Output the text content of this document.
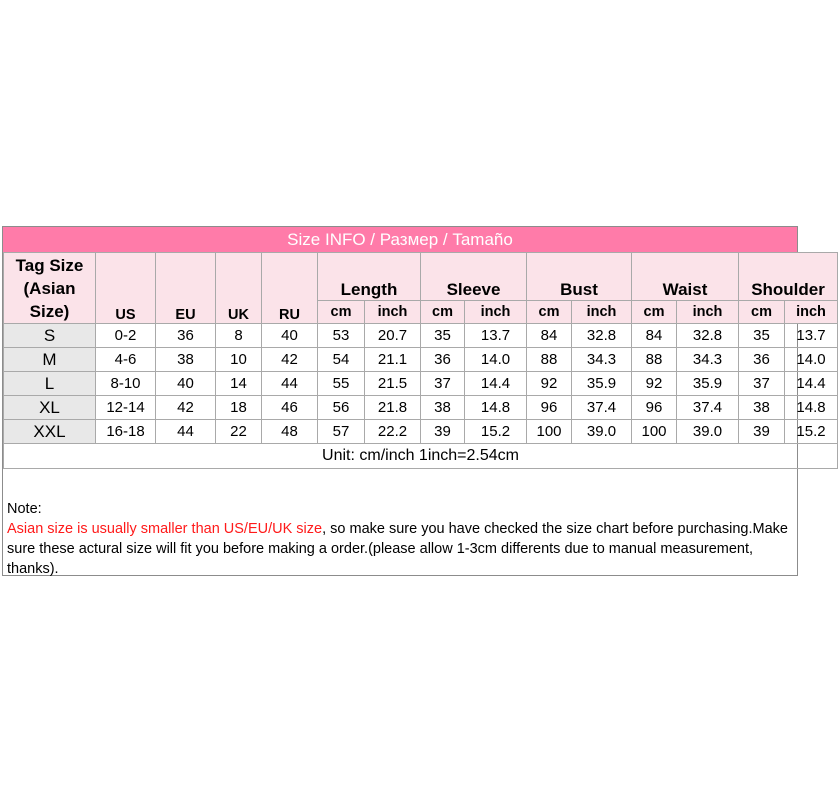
Size INFO / Размер / Tamaño
Tag Size
(Asian
Size)	US	EU	UK	RU	Length		Sleeve		Bust		Waist		Shoulder	
					cm	inch	cm	inch	cm	inch	cm	inch	cm	inch
S	0-2	36	8	40	53	20.7	35	13.7	84	32.8	84	32.8	35	13.7
M	4-6	38	10	42	54	21.1	36	14.0	88	34.3	88	34.3	36	14.0
L	8-10	40	14	44	55	21.5	37	14.4	92	35.9	92	35.9	37	14.4
XL	12-14	42	18	46	56	21.8	38	14.8	96	37.4	96	37.4	38	14.8
XXL	16-18	44	22	48	57	22.2	39	15.2	100	39.0	100	39.0	39	15.2
Unit: cm/inch 1inch=2.54cm														
Note:
Asian size is usually smaller than US/EU/UK size, so make sure you have checked the size chart before purchasing.Make sure these actural size will fit you before making a order.(please allow 1-3cm differents due to manual measurement, thanks).
